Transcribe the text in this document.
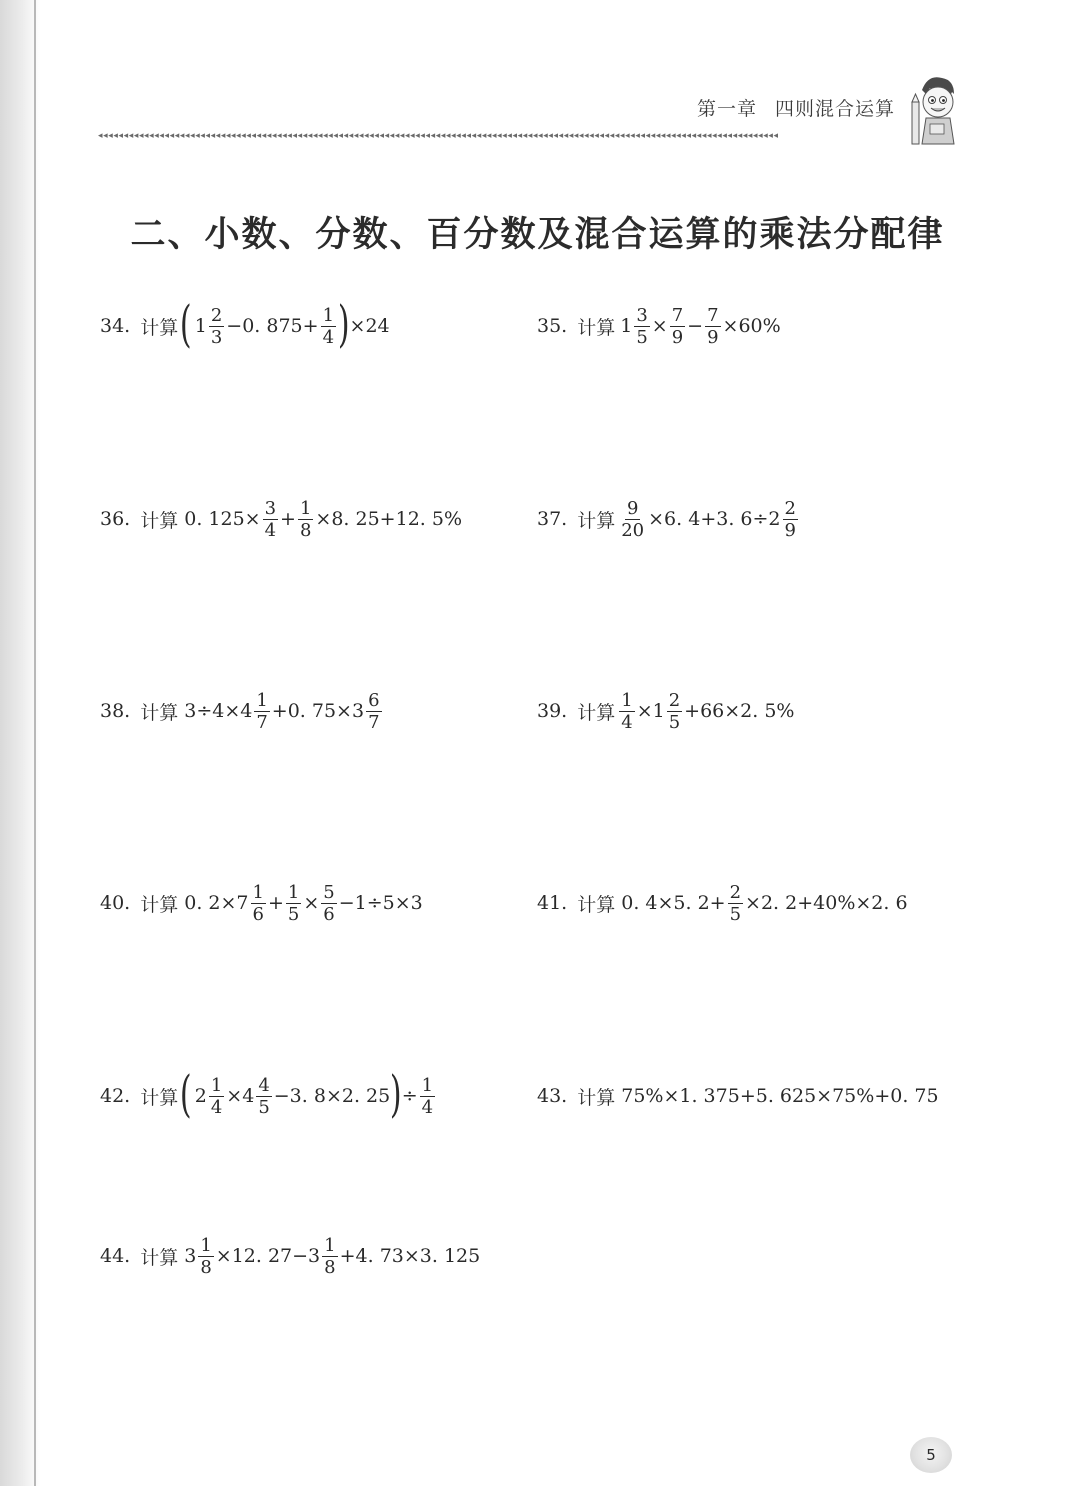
第一章 四则混合运算
◂◂◂◂◂◂◂◂◂◂◂◂◂◂◂◂◂◂◂◂◂◂◂◂◂◂◂◂◂◂◂◂◂◂◂◂◂◂◂◂◂◂◂◂◂◂◂◂◂◂◂◂◂◂◂◂◂◂◂◂◂◂◂◂◂◂◂◂◂◂◂◂◂◂◂◂◂◂◂◂◂◂◂◂◂◂◂◂◂◂◂◂◂◂◂◂◂◂◂◂◂◂◂◂◂◂◂◂◂◂◂◂◂◂◂◂◂◂◂◂◂◂◂◂◂◂◂◂◂◂◂◂◂
二、小数、分数、百分数及混合运算的乘法分配律
34. 计算 ( $1 \frac{2}{3} -0$. $875+ \frac{1}{4}$ ) ×24	35. 计算 $1 \frac{3}{5} \times \frac{7}{9} - \frac{7}{9} \times 60\%$
36. 计算 0. $125\times \frac{3}{4} + \frac{1}{8} \times 8$. 25+12. 5%	37. 计算 $\frac{9}{20} \times 6$. 4+3. $6\div 2 \frac{2}{9}$
38. 计算 $3\div 4\times 4 \frac{1}{7} +0$. $75\times 3 \frac{6}{7}$	39. 计算 $\frac{1}{4} \times 1 \frac{2}{5} +66\times 2$. 5%
40. 计算 0. $2\times 7 \frac{1}{6} + \frac{1}{5} \times \frac{5}{6} -1\div 5\times 3$	41. 计算 0. 4×5. $2+ \frac{2}{5} \times 2$. 2+40%×2. 6
42. 计算 ( $2 \frac{1}{4} \times 4 \frac{4}{5} -3$. 8×2. 25 ) ÷ $\frac{1}{4}$	43. 计算 75%×1. 375+5. 625×75%+0. 75
44. 计算 $3 \frac{1}{8} \times 12$. $27-3 \frac{1}{8} +4$. 73×3. 125
5
